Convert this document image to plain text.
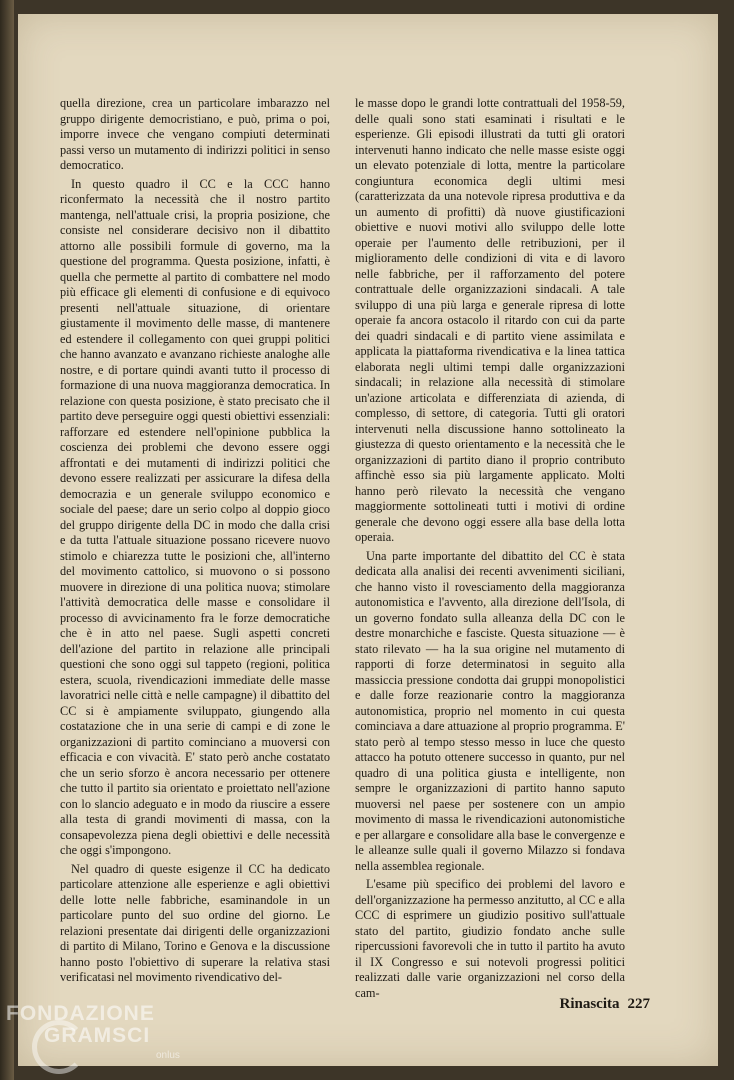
quella direzione, crea un particolare imbarazzo nel gruppo dirigente democristiano, e può, prima o poi, imporre invece che vengano compiuti determinati passi verso un mutamento di indirizzi politici in senso democratico.

In questo quadro il CC e la CCC hanno riconfermato la necessità che il nostro partito mantenga, nell'attuale crisi, la propria posizione, che consiste nel considerare decisivo non il dibattito attorno alle possibili formule di governo, ma la questione del programma. Questa posizione, infatti, è quella che permette al partito di combattere nel modo più efficace gli elementi di confusione e di equivoco presenti nell'attuale situazione, di orientare giustamente il movimento delle masse, di mantenere ed estendere il collegamento con quei gruppi politici che hanno avanzato e avanzano richieste analoghe alle nostre, e di portare quindi avanti tutto il processo di formazione di una nuova maggioranza democratica. In relazione con questa posizione, è stato precisato che il partito deve perseguire oggi questi obiettivi essenziali: rafforzare ed estendere nell'opinione pubblica la coscienza dei problemi che devono essere oggi affrontati e dei mutamenti di indirizzi politici che devono essere realizzati per assicurare la difesa della democrazia e un generale sviluppo economico e sociale del paese; dare un serio colpo al doppio gioco del gruppo dirigente della DC in modo che dalla crisi e da tutta l'attuale situazione possano ricevere nuovo stimolo e chiarezza tutte le posizioni che, all'interno del movimento cattolico, si muovono o si possono muovere in direzione di una politica nuova; stimolare l'attività democratica delle masse e consolidare il processo di avvicinamento fra le forze democratiche che è in atto nel paese. Sugli aspetti concreti dell'azione del partito in relazione alle principali questioni che sono oggi sul tappeto (regioni, politica estera, scuola, rivendicazioni immediate delle masse lavoratrici nelle città e nelle campagne) il dibattito del CC si è ampiamente sviluppato, giungendo alla costatazione che in una serie di campi e di zone le organizzazioni di partito cominciano a muoversi con efficacia e con vivacità. E' stato però anche costatato che un serio sforzo è ancora necessario per ottenere che tutto il partito sia orientato e proiettato nell'azione con lo slancio adeguato e in modo da riuscire a essere alla testa di grandi movimenti di massa, con la consapevolezza piena degli obiettivi e delle necessità che oggi s'impongono.

Nel quadro di queste esigenze il CC ha dedicato particolare attenzione alle esperienze e agli obiettivi delle lotte nelle fabbriche, esaminandole in un particolare punto del suo ordine del giorno. Le relazioni presentate dai dirigenti delle organizzazioni di partito di Milano, Torino e Genova e la discussione hanno posto l'obiettivo di superare la relativa stasi verificatasi nel movimento rivendicativo del-

le masse dopo le grandi lotte contrattuali del 1958-59, delle quali sono stati esaminati i risultati e le esperienze. Gli episodi illustrati da tutti gli oratori intervenuti hanno indicato che nelle masse esiste oggi un elevato potenziale di lotta, mentre la particolare congiuntura economica degli ultimi mesi (caratterizzata da una notevole ripresa produttiva e da un aumento di profitti) dà nuove giustificazioni obiettive e nuovi motivi allo sviluppo delle lotte operaie per l'aumento delle retribuzioni, per il miglioramento delle condizioni di vita e di lavoro nelle fabbriche, per il rafforzamento del potere contrattuale delle organizzazioni sindacali. A tale sviluppo di una più larga e generale ripresa di lotte operaie fa ancora ostacolo il ritardo con cui da parte dei quadri sindacali e di partito viene assimilata e applicata la piattaforma rivendicativa e la linea tattica elaborata negli ultimi tempi dalle organizzazioni sindacali; in relazione alla necessità di stimolare un'azione articolata e differenziata di azienda, di complesso, di settore, di categoria. Tutti gli oratori intervenuti nella discussione hanno sottolineato la giustezza di questo orientamento e la necessità che le organizzazioni di partito diano il proprio contributo affinchè esso sia più largamente applicato. Molti hanno però rilevato la necessità che vengano maggiormente sottolineati tutti i motivi di ordine generale che devono oggi essere alla base della lotta operaia.

Una parte importante del dibattito del CC è stata dedicata alla analisi dei recenti avvenimenti siciliani, che hanno visto il rovesciamento della maggioranza autonomistica e l'avvento, alla direzione dell'Isola, di un governo fondato sulla alleanza della DC con le destre monarchiche e fasciste. Questa situazione — è stato rilevato — ha la sua origine nel mutamento di rapporti di forze determinatosi in seguito alla massiccia pressione condotta dai gruppi monopolistici e dalle forze reazionarie contro la maggioranza autonomistica, proprio nel momento in cui questa cominciava a dare attuazione al proprio programma. E' stato però al tempo stesso messo in luce che questo attacco ha potuto ottenere successo in quanto, pur nel quadro di una politica giusta e intelligente, non sempre le organizzazioni di partito hanno saputo muoversi nel paese per sostenere con un ampio movimento di massa le rivendicazioni autonomistiche e per allargare e consolidare alla base le convergenze e le alleanze sulle quali il governo Milazzo si fondava nella assemblea regionale.

L'esame più specifico dei problemi del lavoro e dell'organizzazione ha permesso anzitutto, al CC e alla CCC di esprimere un giudizio positivo sull'attuale stato del partito, giudizio fondato anche sulle ripercussioni favorevoli che in tutto il partito ha avuto il IX Congresso e sui notevoli progressi politici realizzati dalle varie organizzazioni nel corso della cam-

Rinascita 227
FONDAZIONE
GRAMSCI
onlus
